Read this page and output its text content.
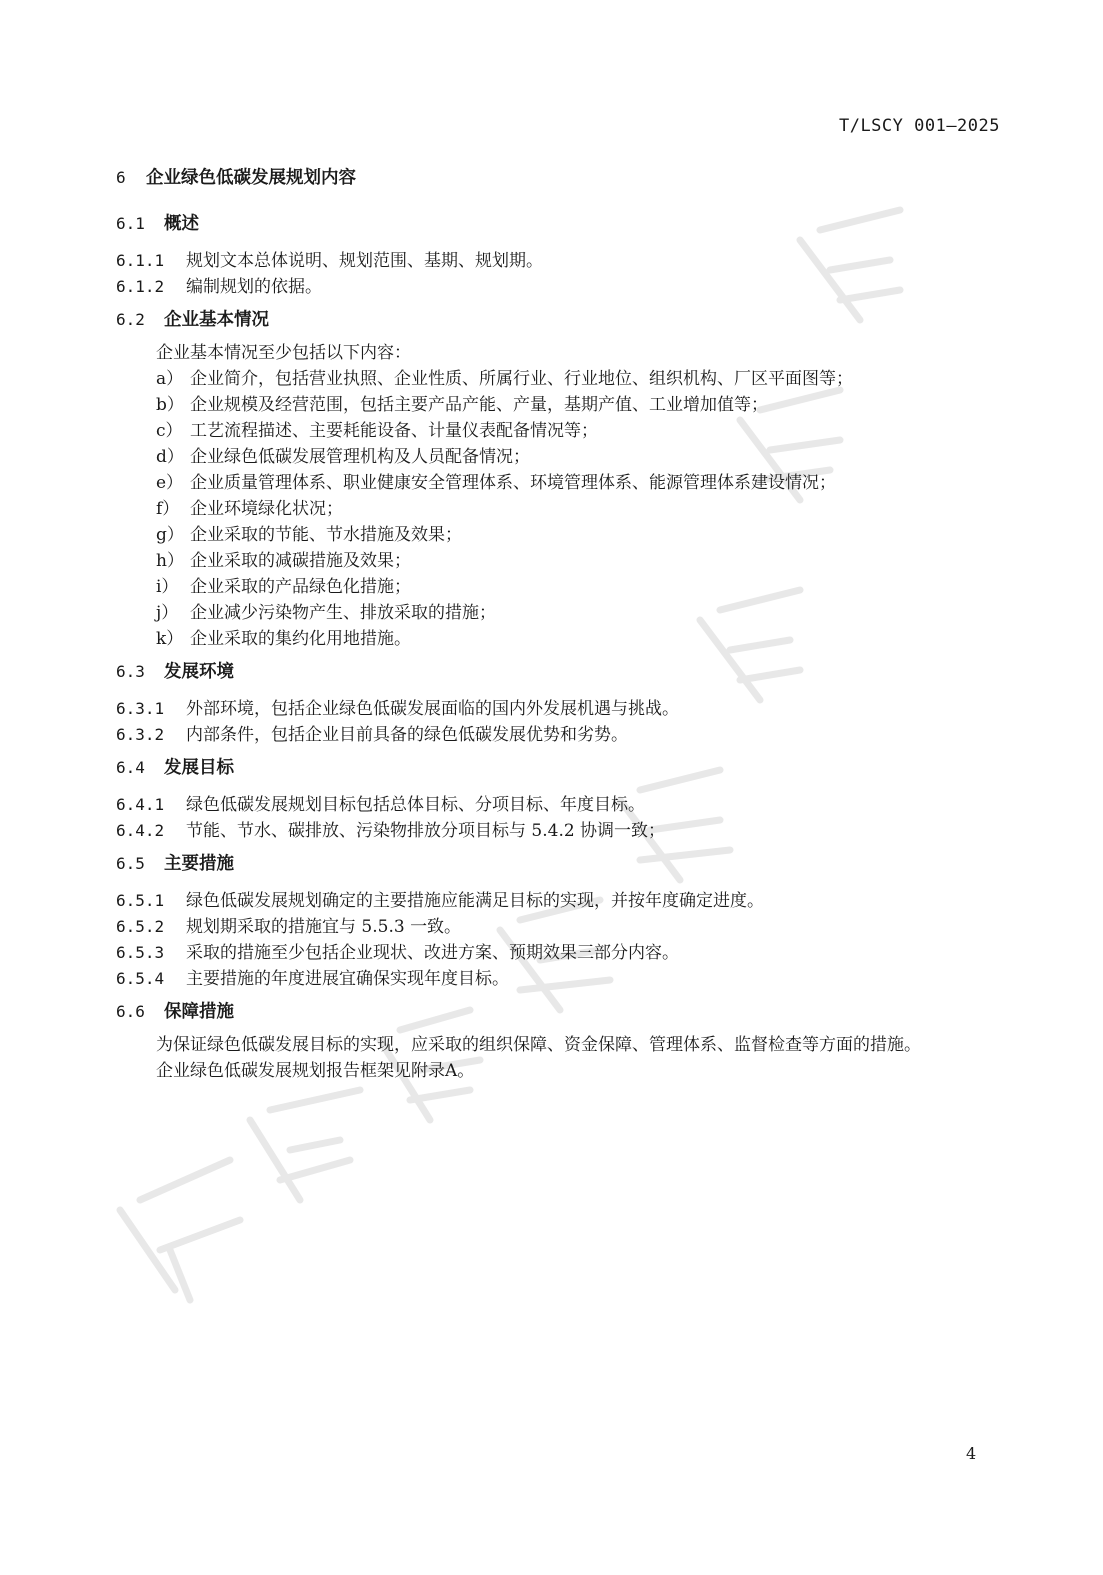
T/LSCY 001—2025
6	企业绿色低碳发展规划内容
6.1	概述
6.1.1	规划文本总体说明、规划范围、基期、规划期。
6.1.2	编制规划的依据。
6.2	企业基本情况
企业基本情况至少包括以下内容：
a） 企业简介，包括营业执照、企业性质、所属行业、行业地位、组织机构、厂区平面图等；
b） 企业规模及经营范围，包括主要产品产能、产量，基期产值、工业增加值等；
c） 工艺流程描述、主要耗能设备、计量仪表配备情况等；
d） 企业绿色低碳发展管理机构及人员配备情况；
e） 企业质量管理体系、职业健康安全管理体系、环境管理体系、能源管理体系建设情况；
f） 企业环境绿化状况；
g） 企业采取的节能、节水措施及效果；
h） 企业采取的减碳措施及效果；
i） 企业采取的产品绿色化措施；
j） 企业减少污染物产生、排放采取的措施；
k） 企业采取的集约化用地措施。
6.3	发展环境
6.3.1	外部环境，包括企业绿色低碳发展面临的国内外发展机遇与挑战。
6.3.2	内部条件，包括企业目前具备的绿色低碳发展优势和劣势。
6.4	发展目标
6.4.1	绿色低碳发展规划目标包括总体目标、分项目标、年度目标。
6.4.2	节能、节水、碳排放、污染物排放分项目标与 5.4.2 协调一致；
6.5	主要措施
6.5.1	绿色低碳发展规划确定的主要措施应能满足目标的实现，并按年度确定进度。
6.5.2	规划期采取的措施宜与 5.5.3 一致。
6.5.3	采取的措施至少包括企业现状、改进方案、预期效果三部分内容。
6.5.4	主要措施的年度进展宜确保实现年度目标。
6.6	保障措施
为保证绿色低碳发展目标的实现，应采取的组织保障、资金保障、管理体系、监督检查等方面的措施。
企业绿色低碳发展规划报告框架见附录A。
4
